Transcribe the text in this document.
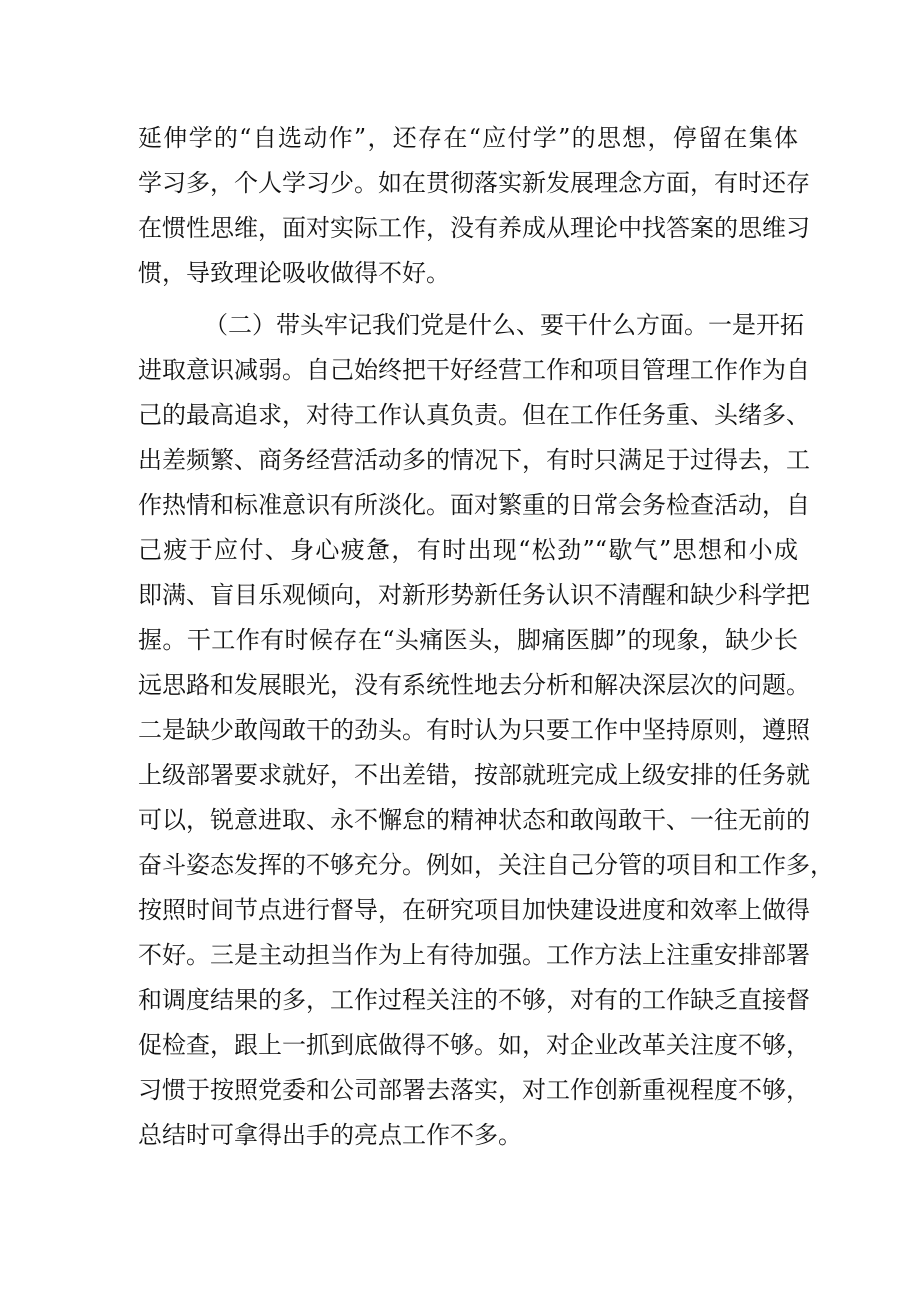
延伸学的“自选动作”，还存在“应付学”的思想，停留在集体
学习多，个人学习少。如在贯彻落实新发展理念方面，有时还存
在惯性思维，面对实际工作，没有养成从理论中找答案的思维习
惯，导致理论吸收做得不好。
（二）带头牢记我们党是什么、要干什么方面。一是开拓
进取意识减弱。自己始终把干好经营工作和项目管理工作作为自
己的最高追求，对待工作认真负责。但在工作任务重、头绪多、
出差频繁、商务经营活动多的情况下，有时只满足于过得去，工
作热情和标准意识有所淡化。面对繁重的日常会务检查活动，自
己疲于应付、身心疲惫，有时出现“松劲”“歇气”思想和小成
即满、盲目乐观倾向，对新形势新任务认识不清醒和缺少科学把
握。干工作有时候存在“头痛医头，脚痛医脚”的现象，缺少长
远思路和发展眼光，没有系统性地去分析和解决深层次的问题。
二是缺少敢闯敢干的劲头。有时认为只要工作中坚持原则，遵照
上级部署要求就好，不出差错，按部就班完成上级安排的任务就
可以，锐意进取、永不懈怠的精神状态和敢闯敢干、一往无前的
奋斗姿态发挥的不够充分。例如，关注自己分管的项目和工作多，
按照时间节点进行督导，在研究项目加快建设进度和效率上做得
不好。三是主动担当作为上有待加强。工作方法上注重安排部署
和调度结果的多，工作过程关注的不够，对有的工作缺乏直接督
促检查，跟上一抓到底做得不够。如，对企业改革关注度不够，
习惯于按照党委和公司部署去落实，对工作创新重视程度不够，
总结时可拿得出手的亮点工作不多。
